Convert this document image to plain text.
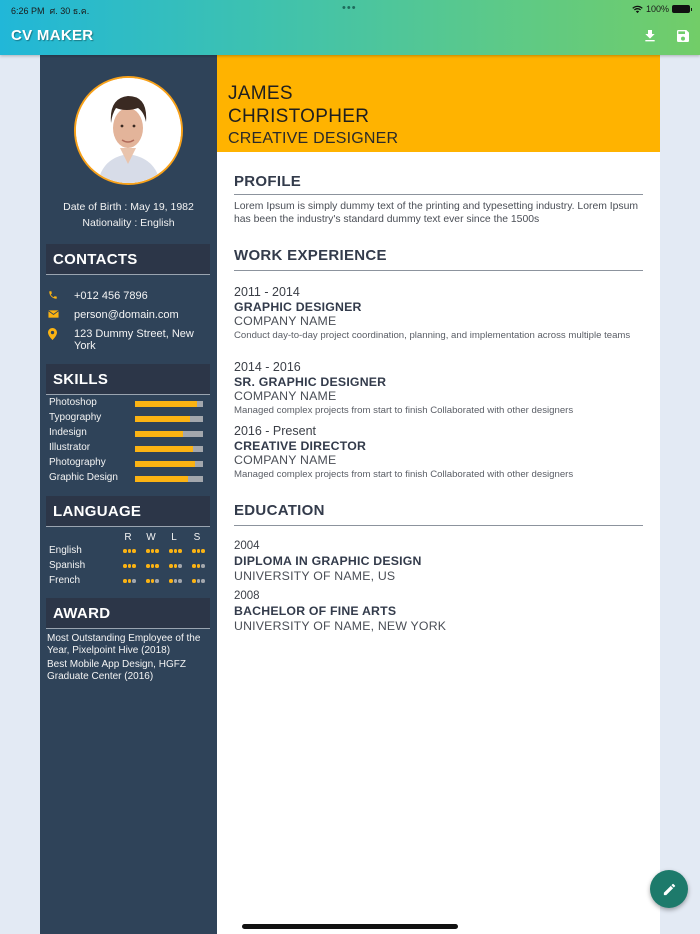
6:26 PM ศ. 30 ธ.ค.	•••	100%
CV MAKER
Date of Birth : May 19, 1982
Nationality : English
CONTACTS
+012 456 7896
person@domain.com
123 Dummy Street, New York
SKILLS
Photoshop
Typography
Indesign
Illustrator
Photography
Graphic Design
LANGUAGE
R	W	L	S
English
Spanish
French
AWARD
Most Outstanding Employee of the Year, Pixelpoint Hive (2018)
Best Mobile App Design, HGFZ Graduate Center (2016)
JAMES
CHRISTOPHER
CREATIVE DESIGNER
PROFILE
Lorem Ipsum is simply dummy text of the printing and typesetting industry. Lorem Ipsum has been the industry's standard dummy text ever since the 1500s
WORK EXPERIENCE
2011 - 2014
GRAPHIC DESIGNER
COMPANY NAME
Conduct day-to-day project coordination, planning, and implementation across multiple teams
2014 - 2016
SR. GRAPHIC DESIGNER
COMPANY NAME
Managed complex projects from start to finish Collaborated with other designers
2016 - Present
CREATIVE DIRECTOR
COMPANY NAME
Managed complex projects from start to finish Collaborated with other designers
EDUCATION
2004
DIPLOMA IN GRAPHIC DESIGN
UNIVERSITY OF NAME, US
2008
BACHELOR OF FINE ARTS
UNIVERSITY OF NAME, NEW YORK
